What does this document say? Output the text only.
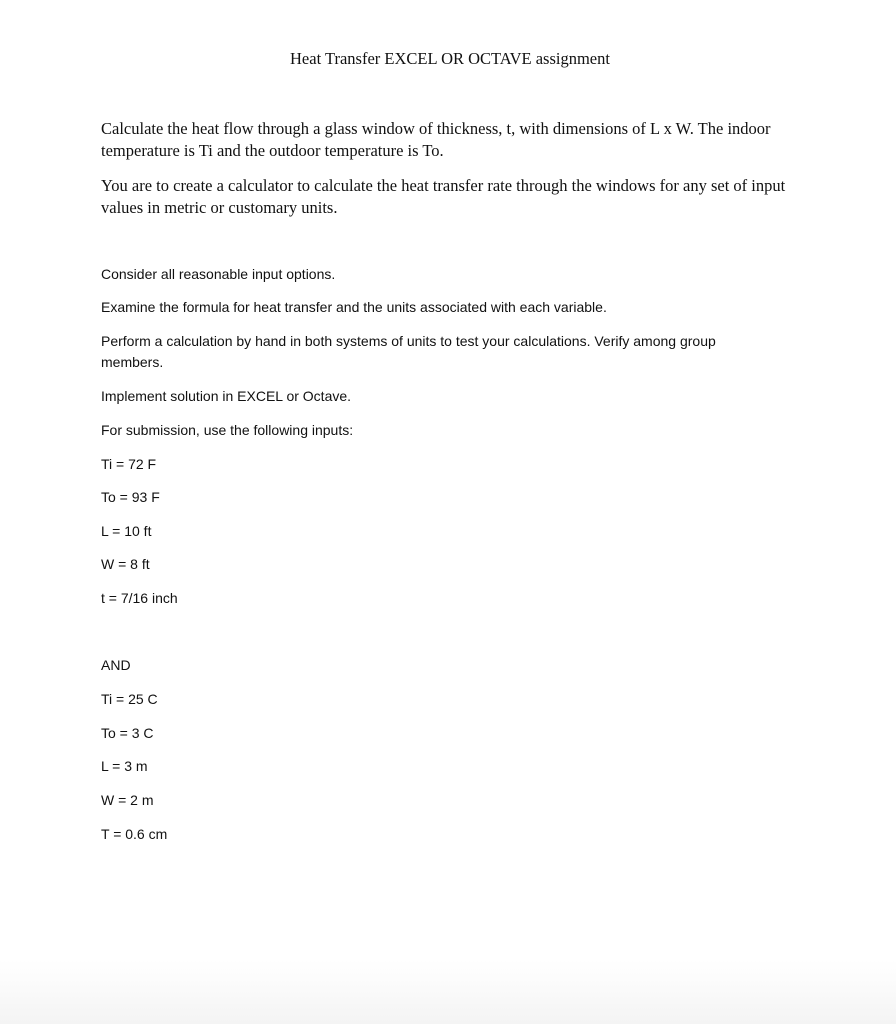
Heat Transfer EXCEL OR OCTAVE assignment
Calculate the heat flow through a glass window of thickness, t, with dimensions of L x W. The indoor temperature is Ti and the outdoor temperature is To.
You are to create a calculator to calculate the heat transfer rate through the windows for any set of input values in metric or customary units.
Consider all reasonable input options.
Examine the formula for heat transfer and the units associated with each variable.
Perform a calculation by hand in both systems of units to test your calculations. Verify among group members.
Implement solution in EXCEL or Octave.
For submission, use the following inputs:
Ti = 72 F
To = 93 F
L = 10 ft
W = 8 ft
t = 7/16 inch
AND
Ti = 25 C
To = 3 C
L = 3 m
W = 2 m
T = 0.6 cm
